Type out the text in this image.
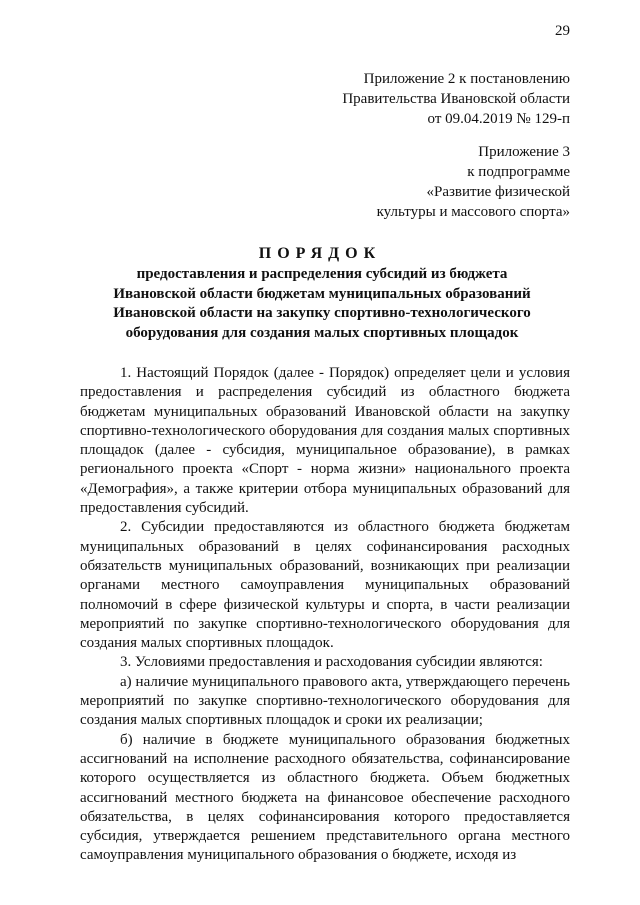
29
Приложение 2 к постановлению
Правительства Ивановской области
от 09.04.2019 № 129-п
Приложение 3
к подпрограмме
«Развитие физической
культуры и массового спорта»
ПОРЯДОК
предоставления и распределения субсидий из бюджета
Ивановской области бюджетам муниципальных образований
Ивановской области на закупку спортивно-технологического
оборудования для создания малых спортивных площадок

1. Настоящий Порядок (далее - Порядок) определяет цели и условия предоставления и распределения субсидий из областного бюджета бюджетам муниципальных образований Ивановской области на закупку спортивно-технологического оборудования для создания малых спортивных площадок (далее - субсидия, муниципальное образование), в рамках регионального проекта «Спорт - норма жизни» национального проекта «Демография», а также критерии отбора муниципальных образований для предоставления субсидий.

2. Субсидии предоставляются из областного бюджета бюджетам муниципальных образований в целях софинансирования расходных обязательств муниципальных образований, возникающих при реализации органами местного самоуправления муниципальных образований полномочий в сфере физической культуры и спорта, в части реализации мероприятий по закупке спортивно-технологического оборудования для создания малых спортивных площадок.

3. Условиями предоставления и расходования субсидии являются:

а) наличие муниципального правового акта, утверждающего перечень мероприятий по закупке спортивно-технологического оборудования для создания малых спортивных площадок и сроки их реализации;

б) наличие в бюджете муниципального образования бюджетных ассигнований на исполнение расходного обязательства, софинансирование которого осуществляется из областного бюджета. Объем бюджетных ассигнований местного бюджета на финансовое обеспечение расходного обязательства, в целях софинансирования которого предоставляется субсидия, утверждается решением представительного органа местного самоуправления муниципального образования о бюджете, исходя из
